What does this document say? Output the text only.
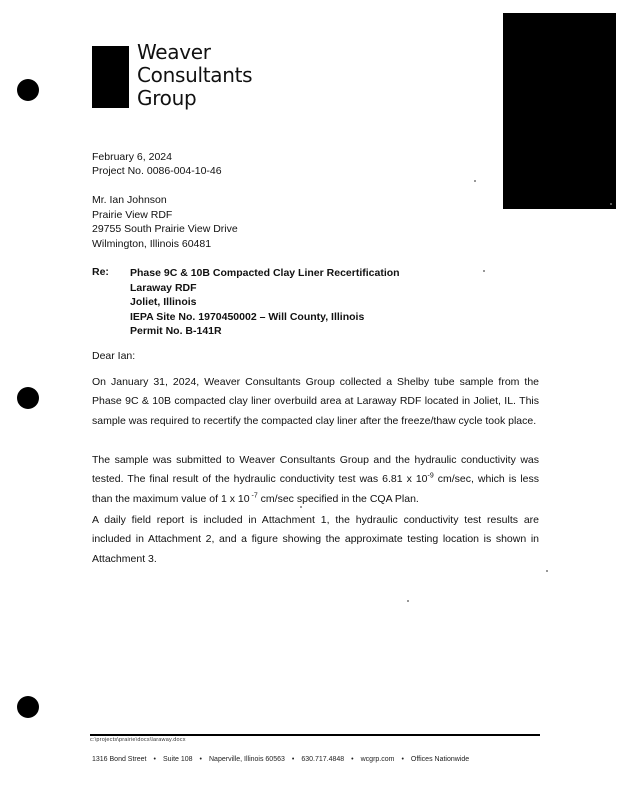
Weaver
Consultants
Group
February 6, 2024
Project No. 0086-004-10-46
Mr. Ian Johnson
Prairie View RDF
29755 South Prairie View Drive
Wilmington, Illinois 60481
Re: Phase 9C & 10B Compacted Clay Liner Recertification
Laraway RDF
Joliet, Illinois
IEPA Site No. 1970450002 – Will County, Illinois
Permit No. B-141R
Dear Ian:
On January 31, 2024, Weaver Consultants Group collected a Shelby tube sample from the Phase 9C & 10B compacted clay liner overbuild area at Laraway RDF located in Joliet, IL. This sample was required to recertify the compacted clay liner after the freeze/thaw cycle took place.
The sample was submitted to Weaver Consultants Group and the hydraulic conductivity was tested. The final result of the hydraulic conductivity test was 6.81 x $10^{-9}$ cm/sec, which is less than the maximum value of 1 x 10 $^{-7}$ cm/sec specified in the CQA Plan.
A daily field report is included in Attachment 1, the hydraulic conductivity test results are included in Attachment 2, and a figure showing the approximate testing location is shown in Attachment 3.
c:\projects\prairie\docs\laraway.docx
1316 Bond Street • Suite 108 • Naperville, Illinois 60563 • 630.717.4848 • wcgrp.com • Offices Nationwide
